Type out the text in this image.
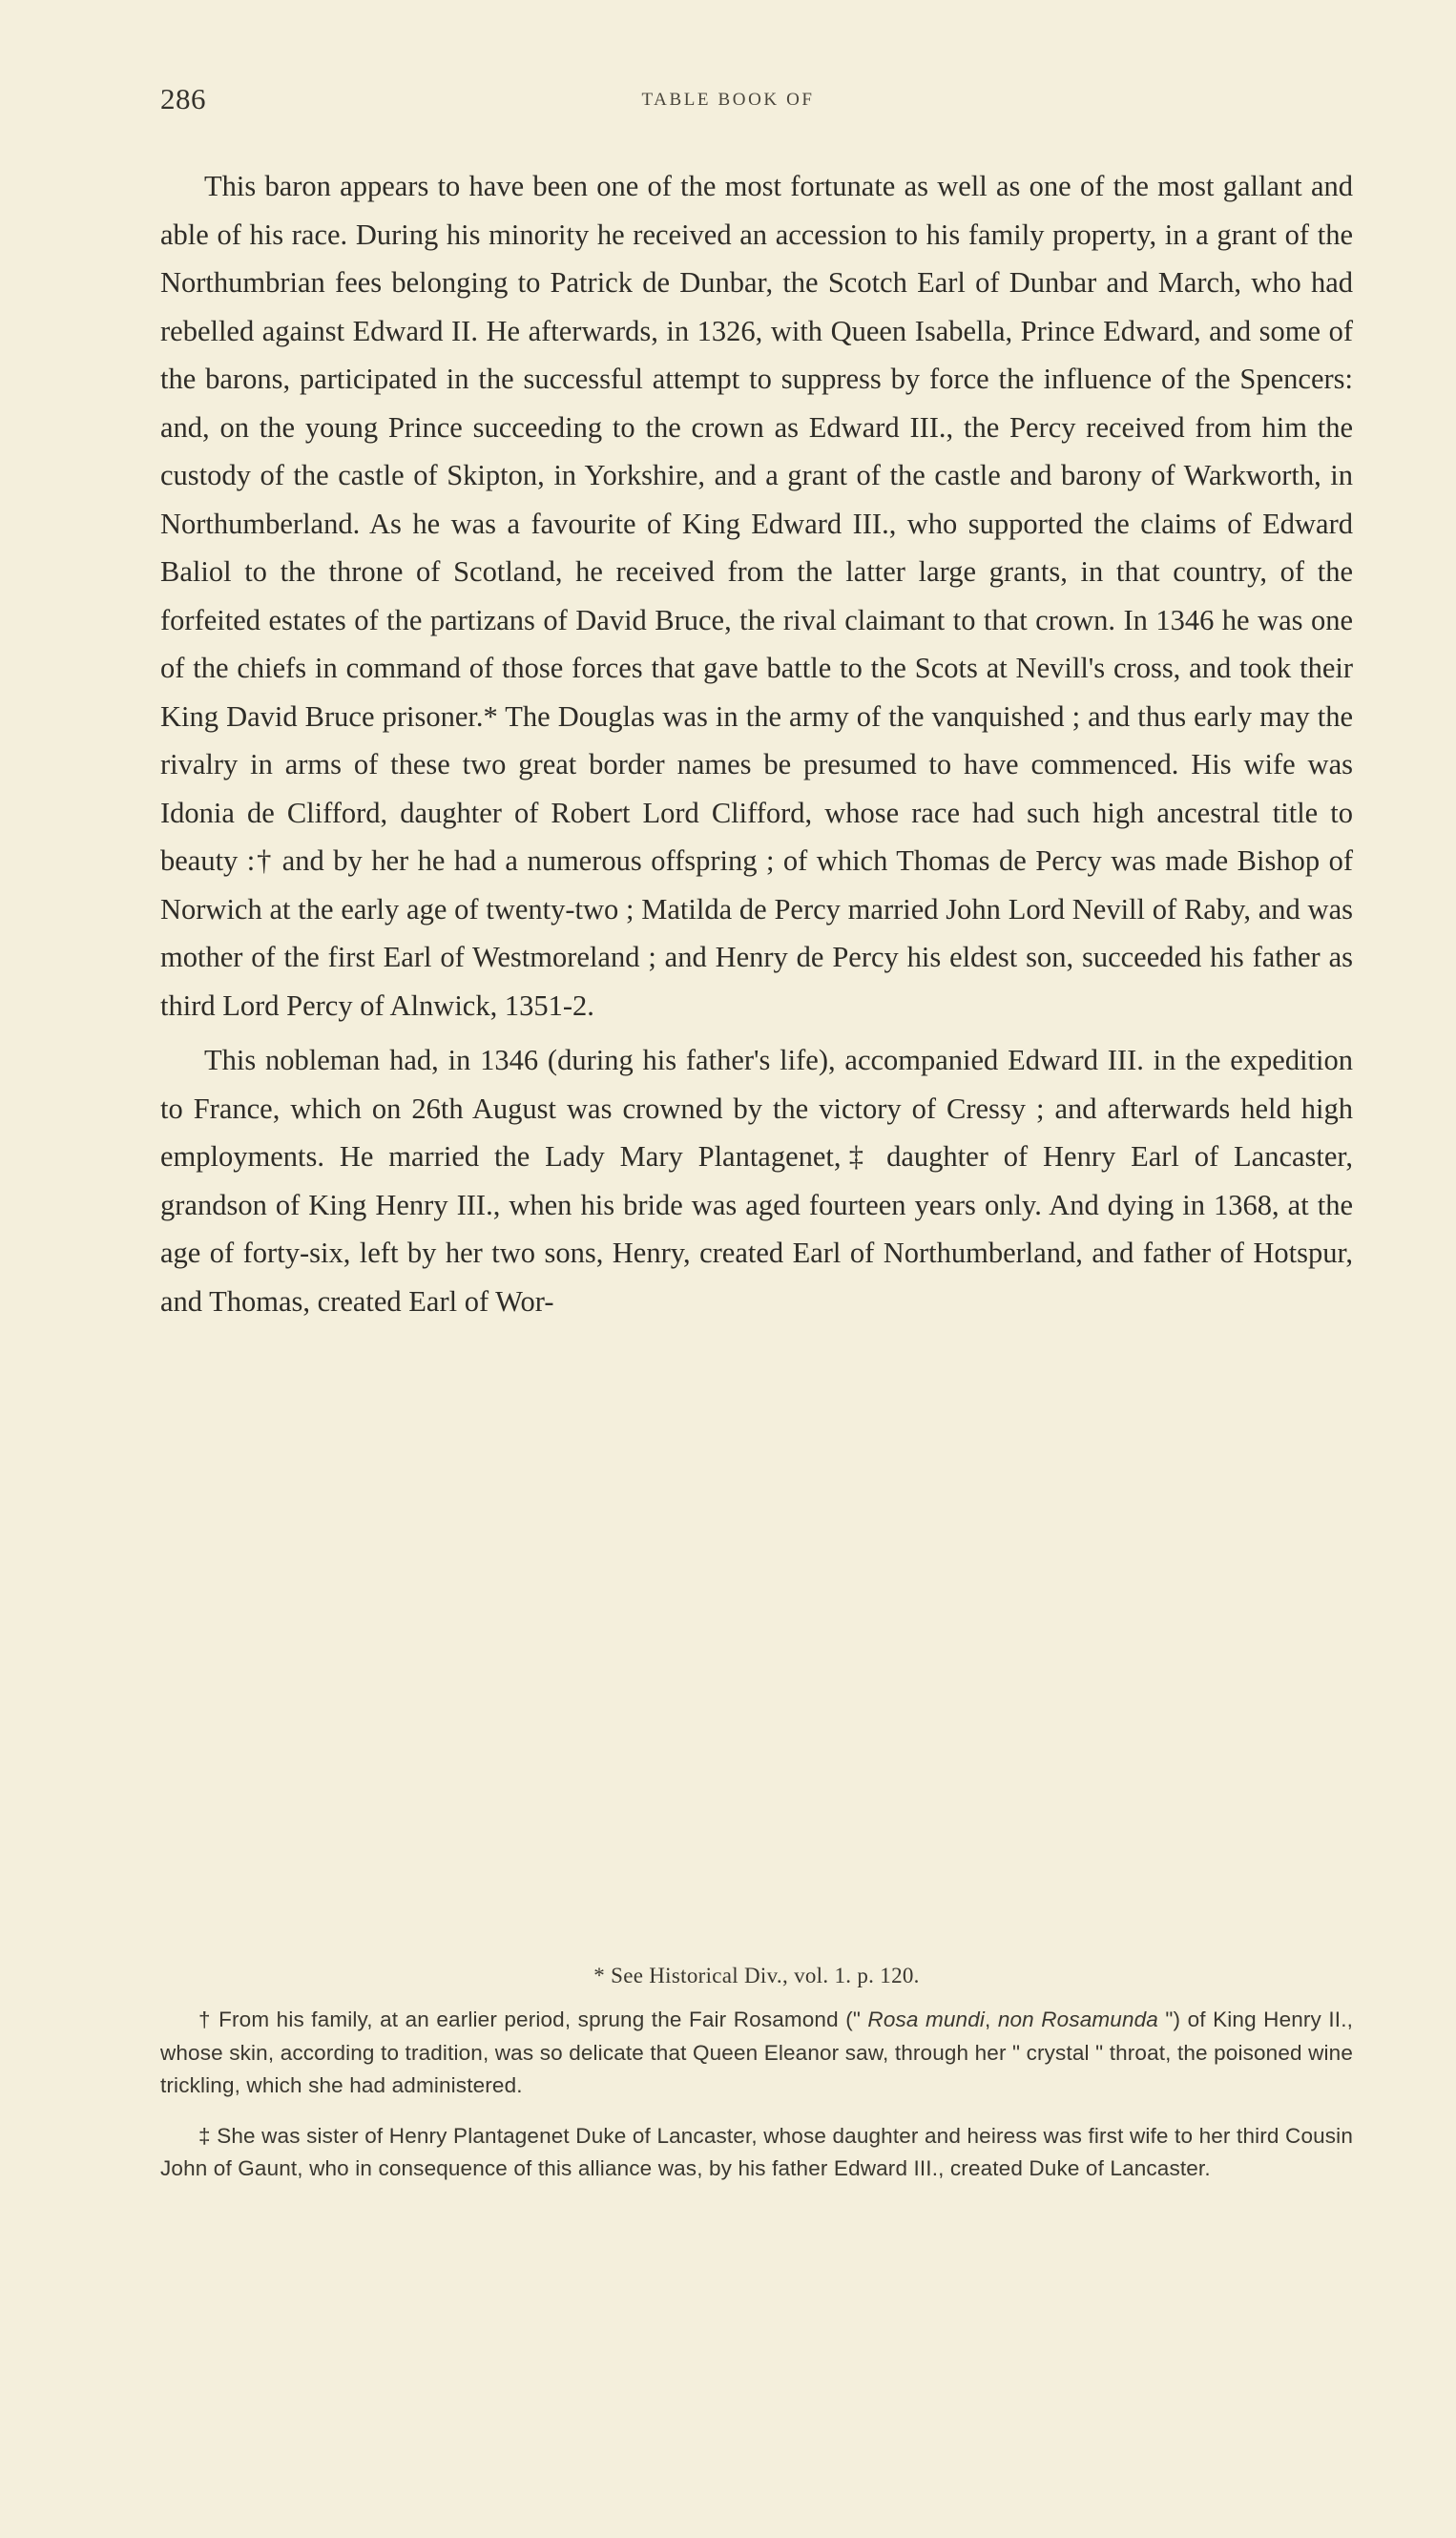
286	TABLE BOOK OF

This baron appears to have been one of the most fortunate as well as one of the most gallant and able of his race. During his minority he received an accession to his family property, in a grant of the Northumbrian fees belonging to Patrick de Dunbar, the Scotch Earl of Dunbar and March, who had rebelled against Edward II. He afterwards, in 1326, with Queen Isabella, Prince Edward, and some of the barons, participated in the successful attempt to suppress by force the influence of the Spencers: and, on the young Prince succeeding to the crown as Edward III., the Percy received from him the custody of the castle of Skipton, in Yorkshire, and a grant of the castle and barony of Warkworth, in Northumberland. As he was a favourite of King Edward III., who supported the claims of Edward Baliol to the throne of Scotland, he received from the latter large grants, in that country, of the forfeited estates of the partizans of David Bruce, the rival claimant to that crown. In 1346 he was one of the chiefs in command of those forces that gave battle to the Scots at Nevill's cross, and took their King David Bruce prisoner.* The Douglas was in the army of the vanquished ; and thus early may the rivalry in arms of these two great border names be presumed to have commenced. His wife was Idonia de Clifford, daughter of Robert Lord Clifford, whose race had such high ancestral title to beauty :† and by her he had a numerous offspring ; of which Thomas de Percy was made Bishop of Norwich at the early age of twenty-two ; Matilda de Percy married John Lord Nevill of Raby, and was mother of the first Earl of Westmoreland ; and Henry de Percy his eldest son, succeeded his father as third Lord Percy of Alnwick, 1351-2.

This nobleman had, in 1346 (during his father's life), accompanied Edward III. in the expedition to France, which on 26th August was crowned by the victory of Cressy ; and afterwards held high employments. He married the Lady Mary Plantagenet,‡ daughter of Henry Earl of Lancaster, grandson of King Henry III., when his bride was aged fourteen years only. And dying in 1368, at the age of forty-six, left by her two sons, Henry, created Earl of Northumberland, and father of Hotspur, and Thomas, created Earl of Wor-

* See Historical Div., vol. 1. p. 120.
† From his family, at an earlier period, sprung the Fair Rosamond (" Rosa mundi, non Rosamunda ") of King Henry II., whose skin, according to tradition, was so delicate that Queen Eleanor saw, through her " crystal " throat, the poisoned wine trickling, which she had administered.
‡ She was sister of Henry Plantagenet Duke of Lancaster, whose daughter and heiress was first wife to her third Cousin John of Gaunt, who in consequence of this alliance was, by his father Edward III., created Duke of Lancaster.
